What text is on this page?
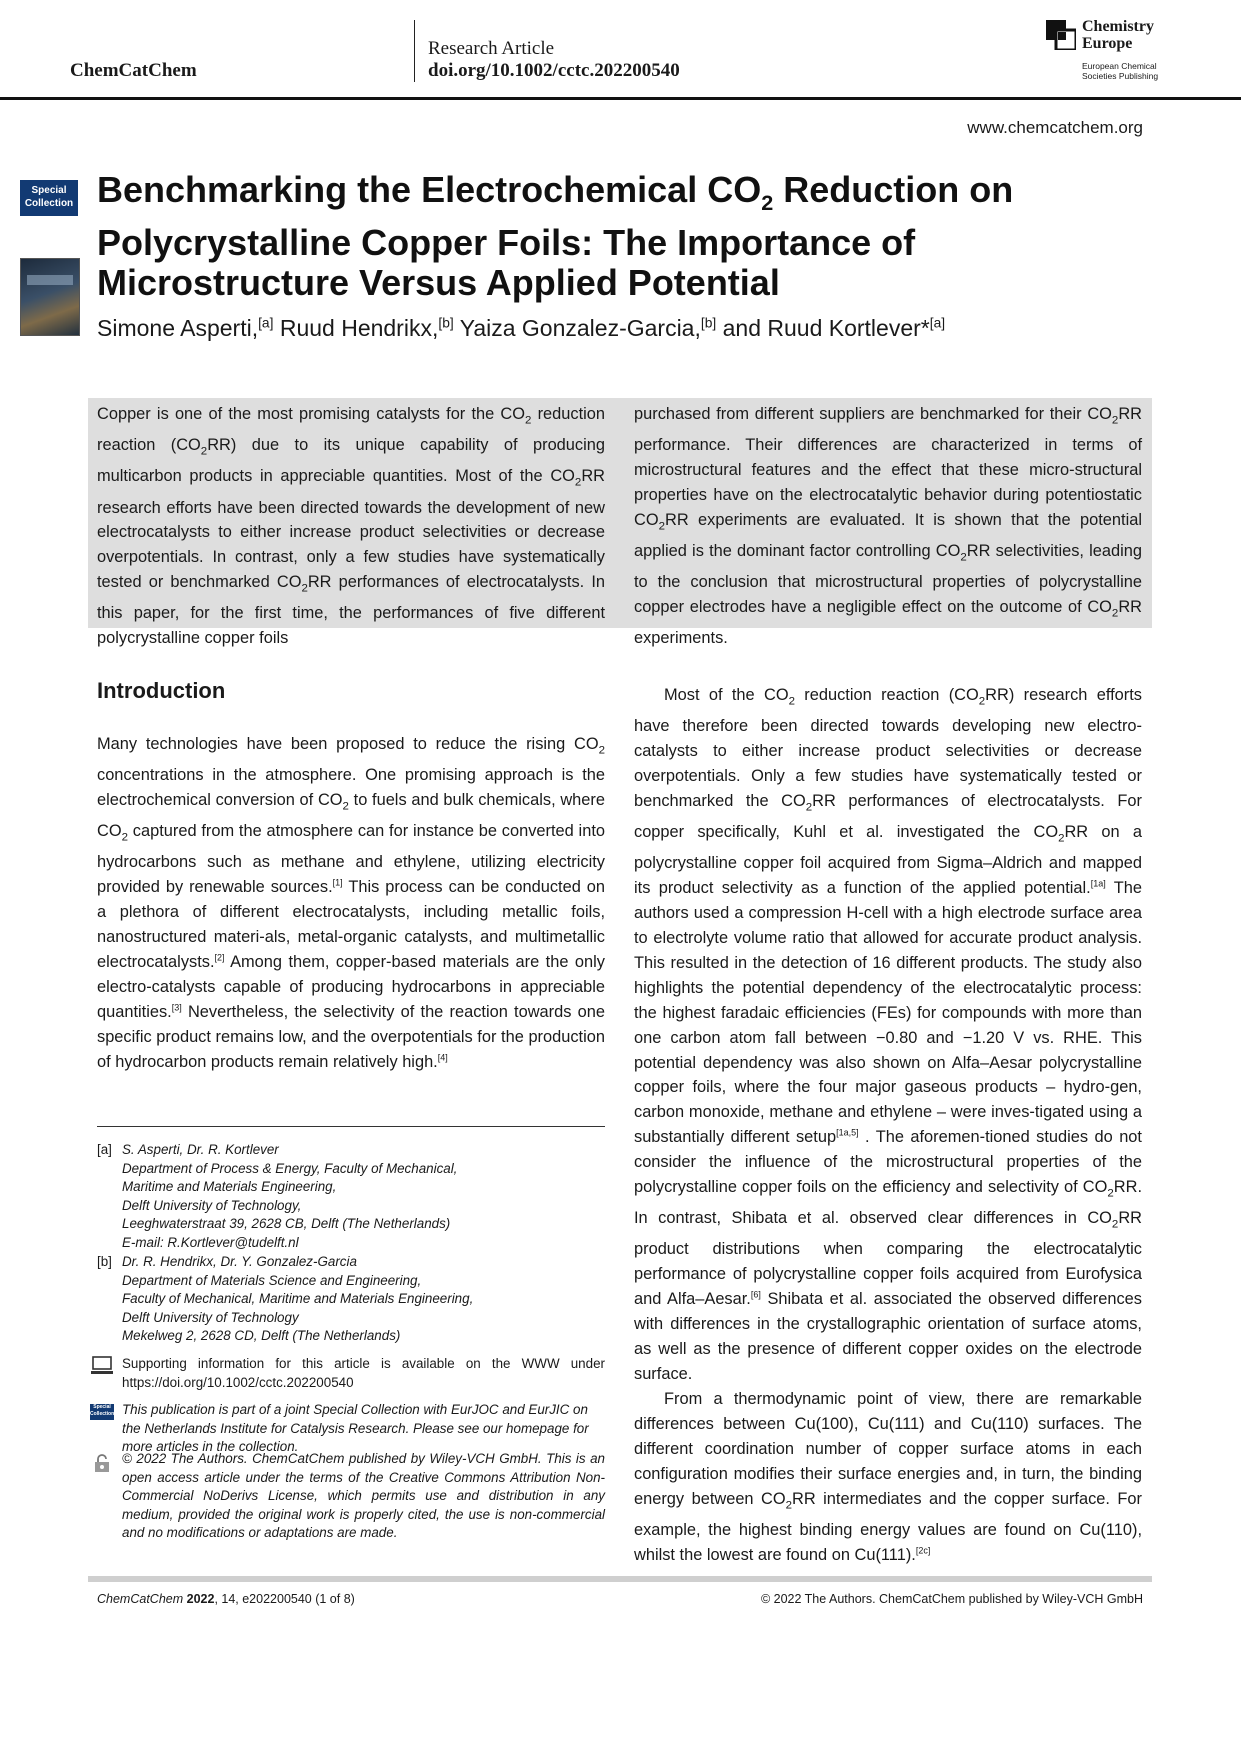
ChemCatChem
Research Article
doi.org/10.1002/cctc.202200540
Chemistry
Europe
European Chemical
Societies Publishing
www.chemcatchem.org
Special
Collection Benchmarking the Electrochemical $CO_2$ Reduction on
Polycrystalline Copper Foils: The Importance of
Microstructure Versus Applied Potential
Simone Asperti,[a] Ruud Hendrikx,[b] Yaiza Gonzalez-Garcia,[b] and Ruud Kortlever*[a]
Copper is one of the most promising catalysts for the $CO_2$ reduction reaction $(CO_2RR)$ due to its unique capability of producing multicarbon products in appreciable quantities. Most of the $CO_2RR$ research efforts have been directed towards the development of new electrocatalysts to either increase product selectivities or decrease overpotentials. In contrast, only a few studies have systematically tested or benchmarked $CO_2RR$ performances of electrocatalysts. In this paper, for the first time, the performances of five different polycrystalline copper foils
purchased from different suppliers are benchmarked for their $CO_2RR$ performance. Their differences are characterized in terms of microstructural features and the effect that these micro-structural properties have on the electrocatalytic behavior during potentiostatic $CO_2RR$ experiments are evaluated. It is shown that the potential applied is the dominant factor controlling $CO_2RR$ selectivities, leading to the conclusion that microstructural properties of polycrystalline copper electrodes have a negligible effect on the outcome of $CO_2RR$ experiments.
Introduction
Many technologies have been proposed to reduce the rising $CO_2$ concentrations in the atmosphere. One promising approach is the electrochemical conversion of $CO_2$ to fuels and bulk chemicals, where $CO_2$ captured from the atmosphere can for instance be converted into hydrocarbons such as methane and ethylene, utilizing electricity provided by renewable sources.[1] This process can be conducted on a plethora of different electrocatalysts, including metallic foils, nanostructured materi-als, metal-organic catalysts, and multimetallic electrocatalysts.[2] Among them, copper-based materials are the only electro-catalysts capable of producing hydrocarbons in appreciable quantities.[3] Nevertheless, the selectivity of the reaction towards one specific product remains low, and the overpotentials for the production of hydrocarbon products remain relatively high.[4]

Most of the $CO_2$ reduction reaction $(CO_2RR)$ research efforts have therefore been directed towards developing new electro-catalysts to either increase product selectivities or decrease overpotentials. Only a few studies have systematically tested or benchmarked the $CO_2RR$ performances of electrocatalysts. For copper specifically, Kuhl et al. investigated the $CO_2RR$ on a polycrystalline copper foil acquired from Sigma–Aldrich and mapped its product selectivity as a function of the applied potential.[1a] The authors used a compression H-cell with a high electrode surface area to electrolyte volume ratio that allowed for accurate product analysis. This resulted in the detection of 16 different products. The study also highlights the potential dependency of the electrocatalytic process: the highest faradaic efficiencies (FEs) for compounds with more than one carbon atom fall between −0.80 and −1.20 V vs. RHE. This potential dependency was also shown on Alfa–Aesar polycrystalline copper foils, where the four major gaseous products – hydro-gen, carbon monoxide, methane and ethylene – were inves-tigated using a substantially different setup[1a,5] . The aforemen-tioned studies do not consider the influence of the microstructural properties of the polycrystalline copper foils on the efficiency and selectivity of $CO_2RR$. In contrast, Shibata et al. observed clear differences in $CO_2RR$ product distributions when comparing the electrocatalytic performance of polycrystalline copper foils acquired from Eurofysica and Alfa–Aesar.[6] Shibata et al. associated the observed differences with differences in the crystallographic orientation of surface atoms, as well as the presence of different copper oxides on the electrode surface.

From a thermodynamic point of view, there are remarkable differences between Cu(100), Cu(111) and Cu(110) surfaces. The different coordination number of copper surface atoms in each configuration modifies their surface energies and, in turn, the binding energy between $CO_2RR$ intermediates and the copper surface. For example, the highest binding energy values are found on Cu(110), whilst the lowest are found on Cu(111).[2c]

[a] S. Asperti, Dr. R. Kortlever
Department of Process & Energy, Faculty of Mechanical,
Maritime and Materials Engineering,
Delft University of Technology,
Leeghwaterstraat 39, 2628 CB, Delft (The Netherlands)
E-mail: R.Kortlever@tudelft.nl
[b] Dr. R. Hendrikx, Dr. Y. Gonzalez-Garcia
Department of Materials Science and Engineering,
Faculty of Mechanical, Maritime and Materials Engineering,
Delft University of Technology
Mekelweg 2, 2628 CD, Delft (The Netherlands)
Supporting information for this article is available on the WWW under https://doi.org/10.1002/cctc.202200540
Special
Collection This publication is part of a joint Special Collection with EurJOC and EurJIC on the Netherlands Institute for Catalysis Research. Please see our homepage for more articles in the collection.
© 2022 The Authors. ChemCatChem published by Wiley-VCH GmbH. This is an open access article under the terms of the Creative Commons Attribution Non-Commercial NoDerivs License, which permits use and distribution in any medium, provided the original work is properly cited, the use is non-commercial and no modifications or adaptations are made.
ChemCatChem 2022, 14, e202200540 (1 of 8)	© 2022 The Authors. ChemCatChem published by Wiley-VCH GmbH
